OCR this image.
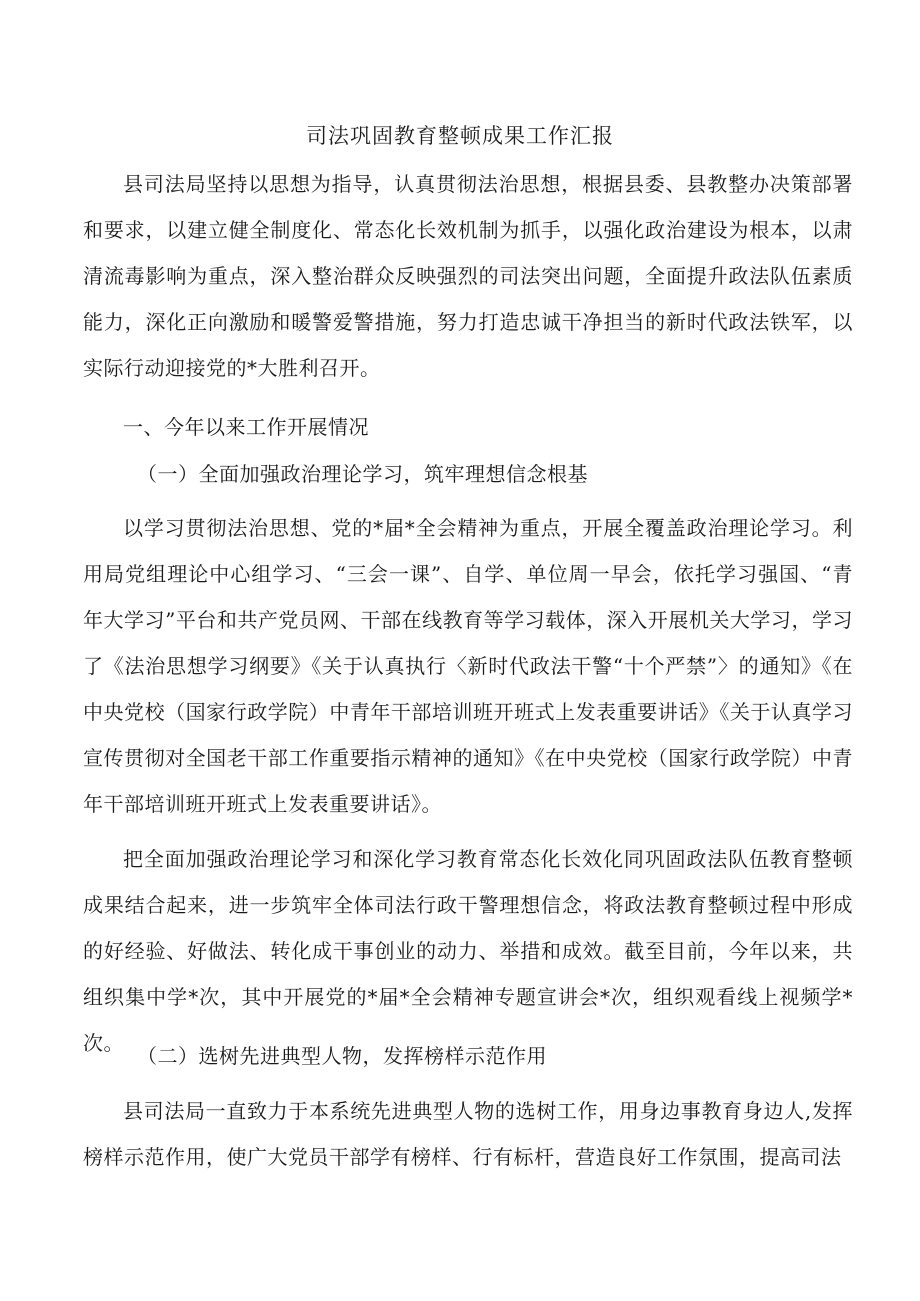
司法巩固教育整顿成果工作汇报
县司法局坚持以思想为指导，认真贯彻法治思想，根据县委、县教整办决策部署和要求，以建立健全制度化、常态化长效机制为抓手，以强化政治建设为根本，以肃清流毒影响为重点，深入整治群众反映强烈的司法突出问题，全面提升政法队伍素质能力，深化正向激励和暖警爱警措施，努力打造忠诚干净担当的新时代政法铁军，以实际行动迎接党的*大胜利召开。
一、今年以来工作开展情况
（一）全面加强政治理论学习，筑牢理想信念根基
以学习贯彻法治思想、党的*届*全会精神为重点，开展全覆盖政治理论学习。利用局党组理论中心组学习、“三会一课”、自学、单位周一早会，依托学习强国、“青年大学习”平台和共产党员网、干部在线教育等学习载体，深入开展机关大学习，学习了《法治思想学习纲要》《关于认真执行〈新时代政法干警“十个严禁”〉的通知》《在中央党校（国家行政学院）中青年干部培训班开班式上发表重要讲话》《关于认真学习宣传贯彻对全国老干部工作重要指示精神的通知》《在中央党校（国家行政学院）中青年干部培训班开班式上发表重要讲话》。
把全面加强政治理论学习和深化学习教育常态化长效化同巩固政法队伍教育整顿成果结合起来，进一步筑牢全体司法行政干警理想信念，将政法教育整顿过程中形成的好经验、好做法、转化成干事创业的动力、举措和成效。截至目前，今年以来，共组织集中学*次，其中开展党的*届*全会精神专题宣讲会*次，组织观看线上视频学*次。
（二）选树先进典型人物，发挥榜样示范作用
县司法局一直致力于本系统先进典型人物的选树工作，用身边事教育身边人,发挥榜样示范作用，使广大党员干部学有榜样、行有标杆，营造良好工作氛围，提高司法
